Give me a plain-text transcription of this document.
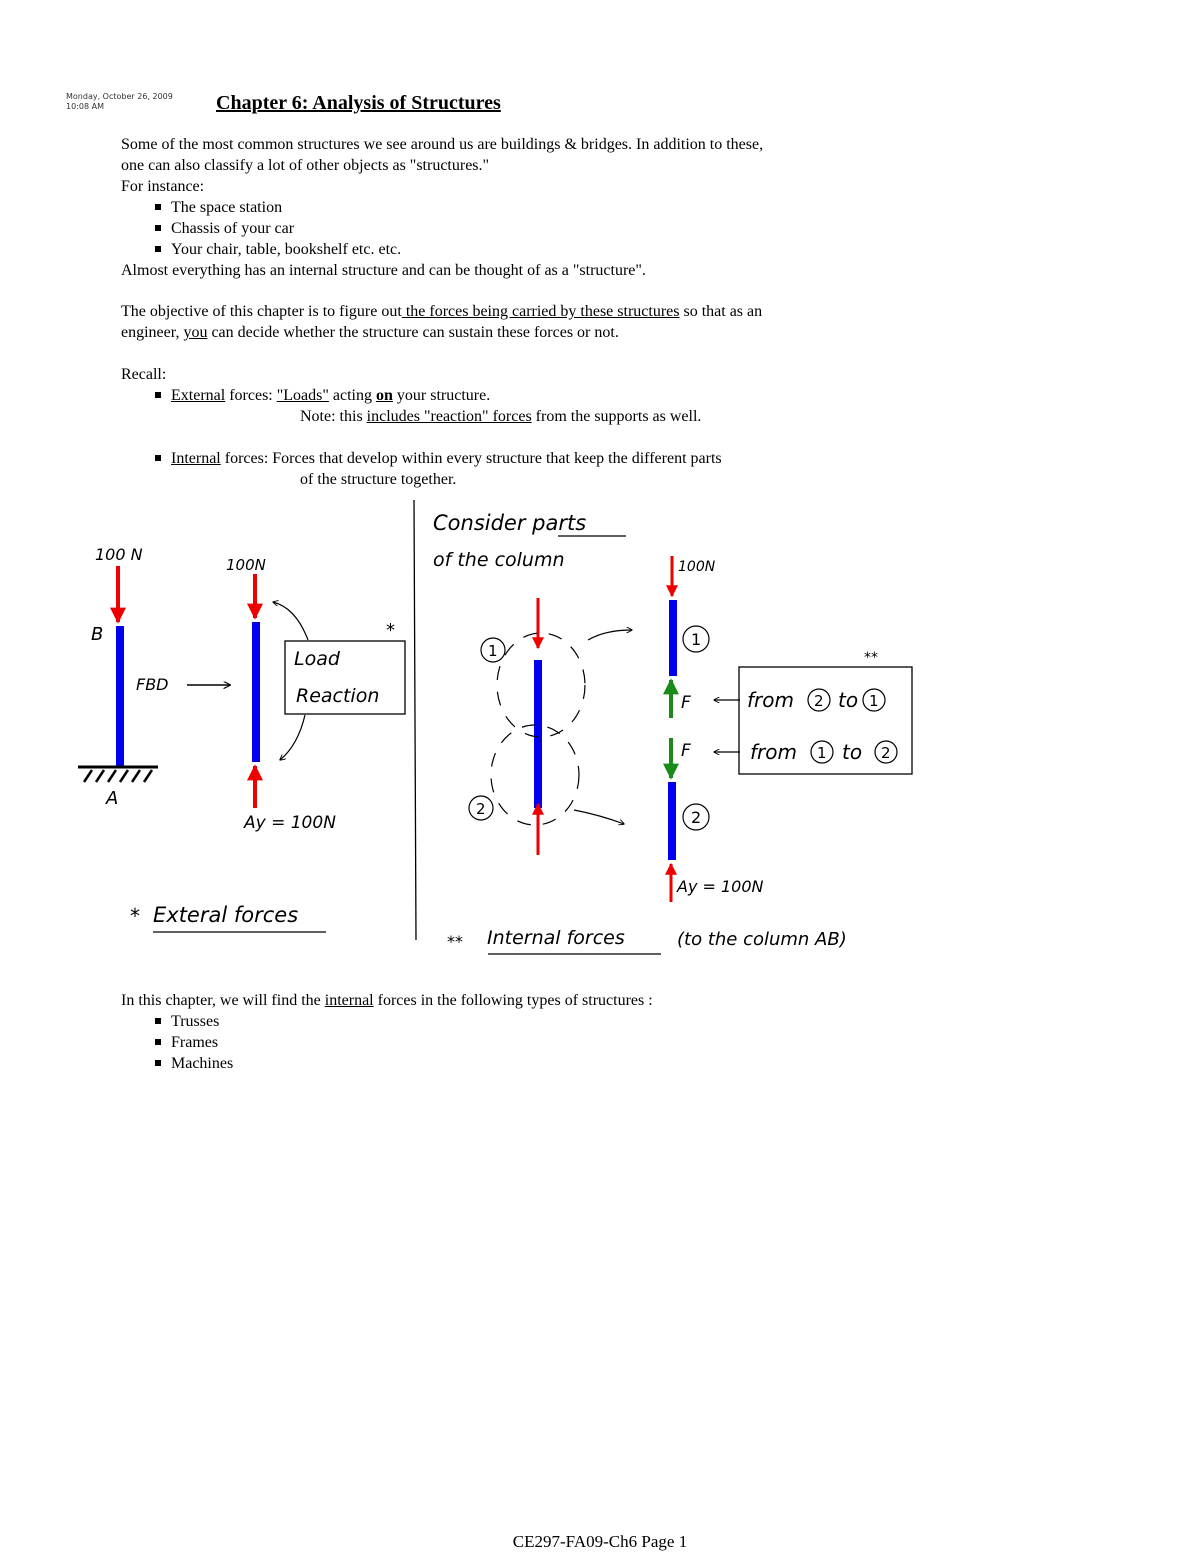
Monday, October 26, 2009
10:08 AM	Chapter 6: Analysis of Structures
Some of the most common structures we see around us are buildings & bridges. In addition to these,
one can also classify a lot of other objects as "structures."
For instance:
The space station
Chassis of your car
Your chair, table, bookshelf etc. etc.
Almost everything has an internal structure and can be thought of as a "structure".
The objective of this chapter is to figure out the forces being carried by these structures so that as an
engineer, you can decide whether the structure can sustain these forces or not.
Recall:
External forces: "Loads" acting on your structure.
Note: this includes "reaction" forces from the supports as well.
Internal forces: Forces that develop within every structure that keep the different parts
of the structure together.
100 N
B
A
FBD
100N
Ay = 100N
Load
Reaction
*
* Exteral forces
Consider parts
of the column
1
2
100N
1
F
F
2
Ay = 100N
**
from 2 to 1
from 1 to 2
** Internal forces	(to the column AB)
In this chapter, we will find the internal forces in the following types of structures :
Trusses
Frames
Machines
CE297-FA09-Ch6 Page 1
